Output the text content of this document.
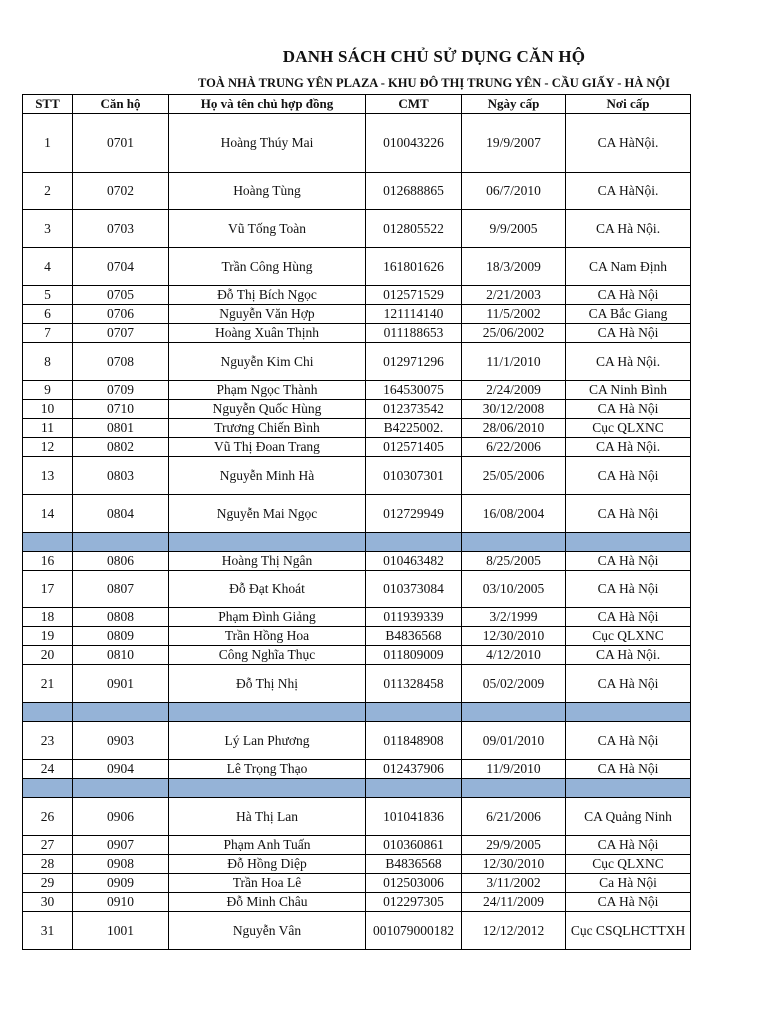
DANH SÁCH CHỦ SỬ DỤNG CĂN HỘ
TOÀ NHÀ TRUNG YÊN PLAZA - KHU ĐÔ THỊ TRUNG YÊN - CẦU GIẤY - HÀ NỘI
STT	Căn hộ	Họ và tên chủ hợp đồng	CMT	Ngày cấp	Nơi cấp
1	0701	Hoàng Thúy Mai	010043226	19/9/2007	CA HàNội.
2	0702	Hoàng Tùng	012688865	06/7/2010	CA HàNội.
3	0703	Vũ Tống Toàn	012805522	9/9/2005	CA Hà Nội.
4	0704	Trần Công Hùng	161801626	18/3/2009	CA Nam Định
5	0705	Đỗ Thị Bích Ngọc	012571529	2/21/2003	CA Hà Nội
6	0706	Nguyễn Văn Hợp	121114140	11/5/2002	CA Bắc Giang
7	0707	Hoàng Xuân Thịnh	011188653	25/06/2002	CA Hà Nội
8	0708	Nguyễn Kim Chi	012971296	11/1/2010	CA Hà Nội.
9	0709	Phạm Ngọc Thành	164530075	2/24/2009	CA Ninh Bình
10	0710	Nguyễn Quốc Hùng	012373542	30/12/2008	CA Hà Nội
11	0801	Trương Chiến Bình	B4225002.	28/06/2010	Cục QLXNC
12	0802	Vũ Thị Đoan Trang	012571405	6/22/2006	CA Hà Nội.
13	0803	Nguyễn Minh Hà	010307301	25/05/2006	CA Hà Nội
14	0804	Nguyễn Mai Ngọc	012729949	16/08/2004	CA Hà Nội

16	0806	Hoàng Thị Ngân	010463482	8/25/2005	CA Hà Nội
17	0807	Đỗ Đạt Khoát	010373084	03/10/2005	CA Hà Nội
18	0808	Phạm Đình Giảng	011939339	3/2/1999	CA Hà Nội
19	0809	Trần Hồng Hoa	B4836568	12/30/2010	Cục QLXNC
20	0810	Công Nghĩa Thục	011809009	4/12/2010	CA Hà Nội.
21	0901	Đỗ Thị Nhị	011328458	05/02/2009	CA Hà Nội

23	0903	Lý Lan Phương	011848908	09/01/2010	CA Hà Nội
24	0904	Lê Trọng Thạo	012437906	11/9/2010	CA Hà Nội

26	0906	Hà Thị Lan	101041836	6/21/2006	CA Quảng Ninh
27	0907	Phạm Anh Tuấn	010360861	29/9/2005	CA Hà Nội
28	0908	Đỗ Hồng Diệp	B4836568	12/30/2010	Cục QLXNC
29	0909	Trần Hoa Lê	012503006	3/11/2002	Ca Hà Nội
30	0910	Đỗ Minh Châu	012297305	24/11/2009	CA Hà Nội
31	1001	Nguyễn Vân	001079000182	12/12/2012	Cục CSQLHCTTXH
